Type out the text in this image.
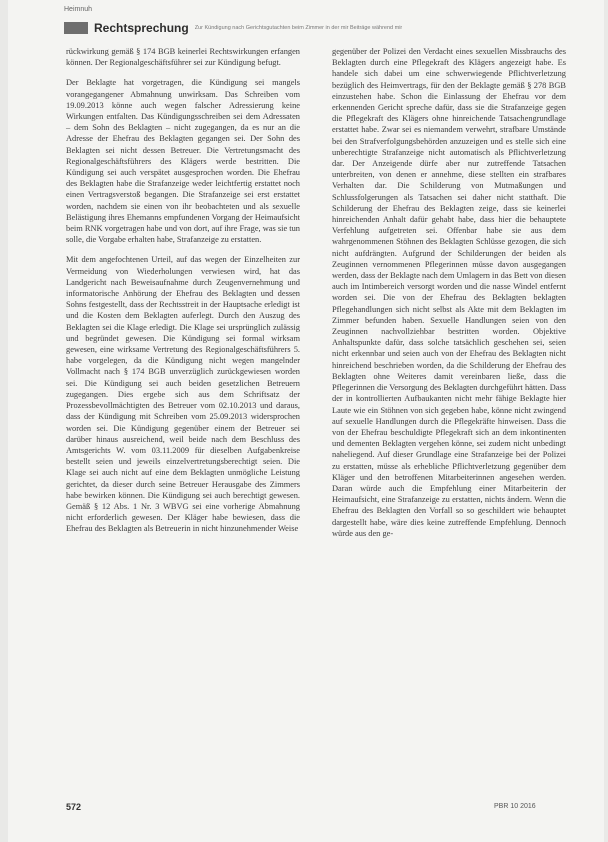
Heimnuh
Rechtsprechung Zur Kündigung nach Gerichtsgutachten beim Zimmer in der mir Beiträge während mir

rückwirkung gemäß § 174 BGB keinerlei Rechtswirkungen erfangen können. Der Regionalgeschäftsführer sei zur Kündigung befugt.

Der Beklagte hat vorgetragen, die Kündigung sei mangels vorangegangener Abmahnung unwirksam. Das Schreiben vom 19.09.2013 könne auch wegen falscher Adressierung keine Wirkungen entfalten. Das Kündigungsschreiben sei dem Adressaten – dem Sohn des Beklagten – nicht zugegangen, da es nur an die Adresse der Ehefrau des Beklagten gegangen sei. Der Sohn des Beklagten sei nicht dessen Betreuer. Die Vertretungsmacht des Regionalgeschäftsführers des Klägers werde bestritten. Die Kündigung sei auch verspätet ausgesprochen worden. Die Ehefrau des Beklagten habe die Strafanzeige weder leichtfertig erstattet noch einen Vertragsverstoß begangen. Die Strafanzeige sei erst erstattet worden, nachdem sie einen von ihr beobachteten und als sexuelle Belästigung ihres Ehemanns empfundenen Vorgang der Heimaufsicht beim RNK vorgetragen habe und von dort, auf ihre Frage, was sie tun solle, die Vorgabe erhalten habe, Strafanzeige zu erstatten.

Mit dem angefochtenen Urteil, auf das wegen der Einzelheiten zur Vermeidung von Wiederholungen verwiesen wird, hat das Landgericht nach Beweisaufnahme durch Zeugenvernehmung und informatorische Anhörung der Ehefrau des Beklagten und dessen Sohns festgestellt, dass der Rechtsstreit in der Hauptsache erledigt ist und die Kosten dem Beklagten auferlegt. Durch den Auszug des Beklagten sei die Klage erledigt. Die Klage sei ursprünglich zulässig und begründet gewesen. Die Kündigung sei formal wirksam gewesen, eine wirksame Vertretung des Regionalgeschäftsführers 5. habe vorgelegen, da die Kündigung nicht wegen mangelnder Vollmacht nach § 174 BGB unverzüglich zurückgewiesen worden sei. Die Kündigung sei auch beiden gesetzlichen Betreuern zugegangen. Dies ergebe sich aus dem Schriftsatz der Prozessbevollmächtigten des Betreuer vom 02.10.2013 und daraus, dass der Kündigung mit Schreiben vom 25.09.2013 widersprochen worden sei. Die Kündigung gegenüber einem der Betreuer sei darüber hinaus ausreichend, weil beide nach dem Beschluss des Amtsgerichts W. vom 03.11.2009 für dieselben Aufgabenkreise bestellt seien und jeweils einzelvertretungsberechtigt seien. Die Klage sei auch nicht auf eine dem Beklagten unmögliche Leistung gerichtet, da dieser durch seine Betreuer Herausgabe des Zimmers habe bewirken können. Die Kündigung sei auch berechtigt gewesen. Gemäß § 12 Abs. 1 Nr. 3 WBVG sei eine vorherige Abmahnung nicht erforderlich gewesen. Der Kläger habe bewiesen, dass die Ehefrau des Beklagten als Betreuerin in nicht hinzunehmender Weise

gegenüber der Polizei den Verdacht eines sexuellen Missbrauchs des Beklagten durch eine Pflegekraft des Klägers angezeigt habe. Es handele sich dabei um eine schwerwiegende Pflichtverletzung bezüglich des Heimvertrags, für den der Beklagte gemäß § 278 BGB einzustehen habe. Schon die Einlassung der Ehefrau vor dem erkennenden Gericht spreche dafür, dass sie die Strafanzeige gegen die Pflegekraft des Klägers ohne hinreichende Tatsachengrundlage erstattet habe. Zwar sei es niemandem verwehrt, strafbare Umstände bei den Strafverfolgungsbehörden anzuzeigen und es stelle sich eine unberechtigte Strafanzeige nicht automatisch als Pflichtverletzung dar. Der Anzeigende dürfe aber nur zutreffende Tatsachen unterbreiten, von denen er annehme, diese stellten ein strafbares Verhalten dar. Die Schilderung von Mutmaßungen und Schlussfolgerungen als Tatsachen sei daher nicht statthaft. Die Schilderung der Ehefrau des Beklagten zeige, dass sie keinerlei hinreichenden Anhalt dafür gehabt habe, dass hier die behauptete Verfehlung aufgetreten sei. Offenbar habe sie aus dem wahrgenommenen Stöhnen des Beklagten Schlüsse gezogen, die sich nicht aufdrängten. Aufgrund der Schilderungen der beiden als Zeuginnen vernommenen Pflegerinnen müsse davon ausgegangen werden, dass der Beklagte nach dem Umlagern in das Bett von diesen auch im Intimbereich versorgt worden und die nasse Windel entfernt worden sei. Die von der Ehefrau des Beklagten beklagten Pflegehandlungen sich nicht selbst als Akte mit dem Beklagten im Zimmer befunden haben. Sexuelle Handlungen seien von den Zeuginnen nachvollziehbar bestritten worden. Objektive Anhaltspunkte dafür, dass solche tatsächlich geschehen sei, seien nicht erkennbar und seien auch von der Ehefrau des Beklagten nicht hinreichend beschrieben worden, da die Schilderung der Ehefrau des Beklagten ohne Weiteres damit vereinbaren ließe, dass die Pflegerinnen die Versorgung des Beklagten durchgeführt hätten. Dass der in kontrollierten Aufbaukanten nicht mehr fähige Beklagte hier Laute wie ein Stöhnen von sich gegeben habe, könne nicht zwingend auf sexuelle Handlungen durch die Pflegekräfte hinweisen. Dass die von der Ehefrau beschuldigte Pflegekraft sich an dem inkontinenten und dementen Beklagten vergehen könne, sei zudem nicht unbedingt naheliegend. Auf dieser Grundlage eine Strafanzeige bei der Polizei zu erstatten, müsse als erhebliche Pflichtverletzung gegenüber dem Kläger und den betroffenen Mitarbeiterinnen angesehen werden. Daran würde auch die Empfehlung einer Mitarbeiterin der Heimaufsicht, eine Strafanzeige zu erstatten, nichts ändern. Wenn die Ehefrau des Beklagten den Vorfall so so geschildert wie behauptet dargestellt habe, wäre dies keine zutreffende Empfehlung. Dennoch würde aus den ge-

572	PBR 10 2016
